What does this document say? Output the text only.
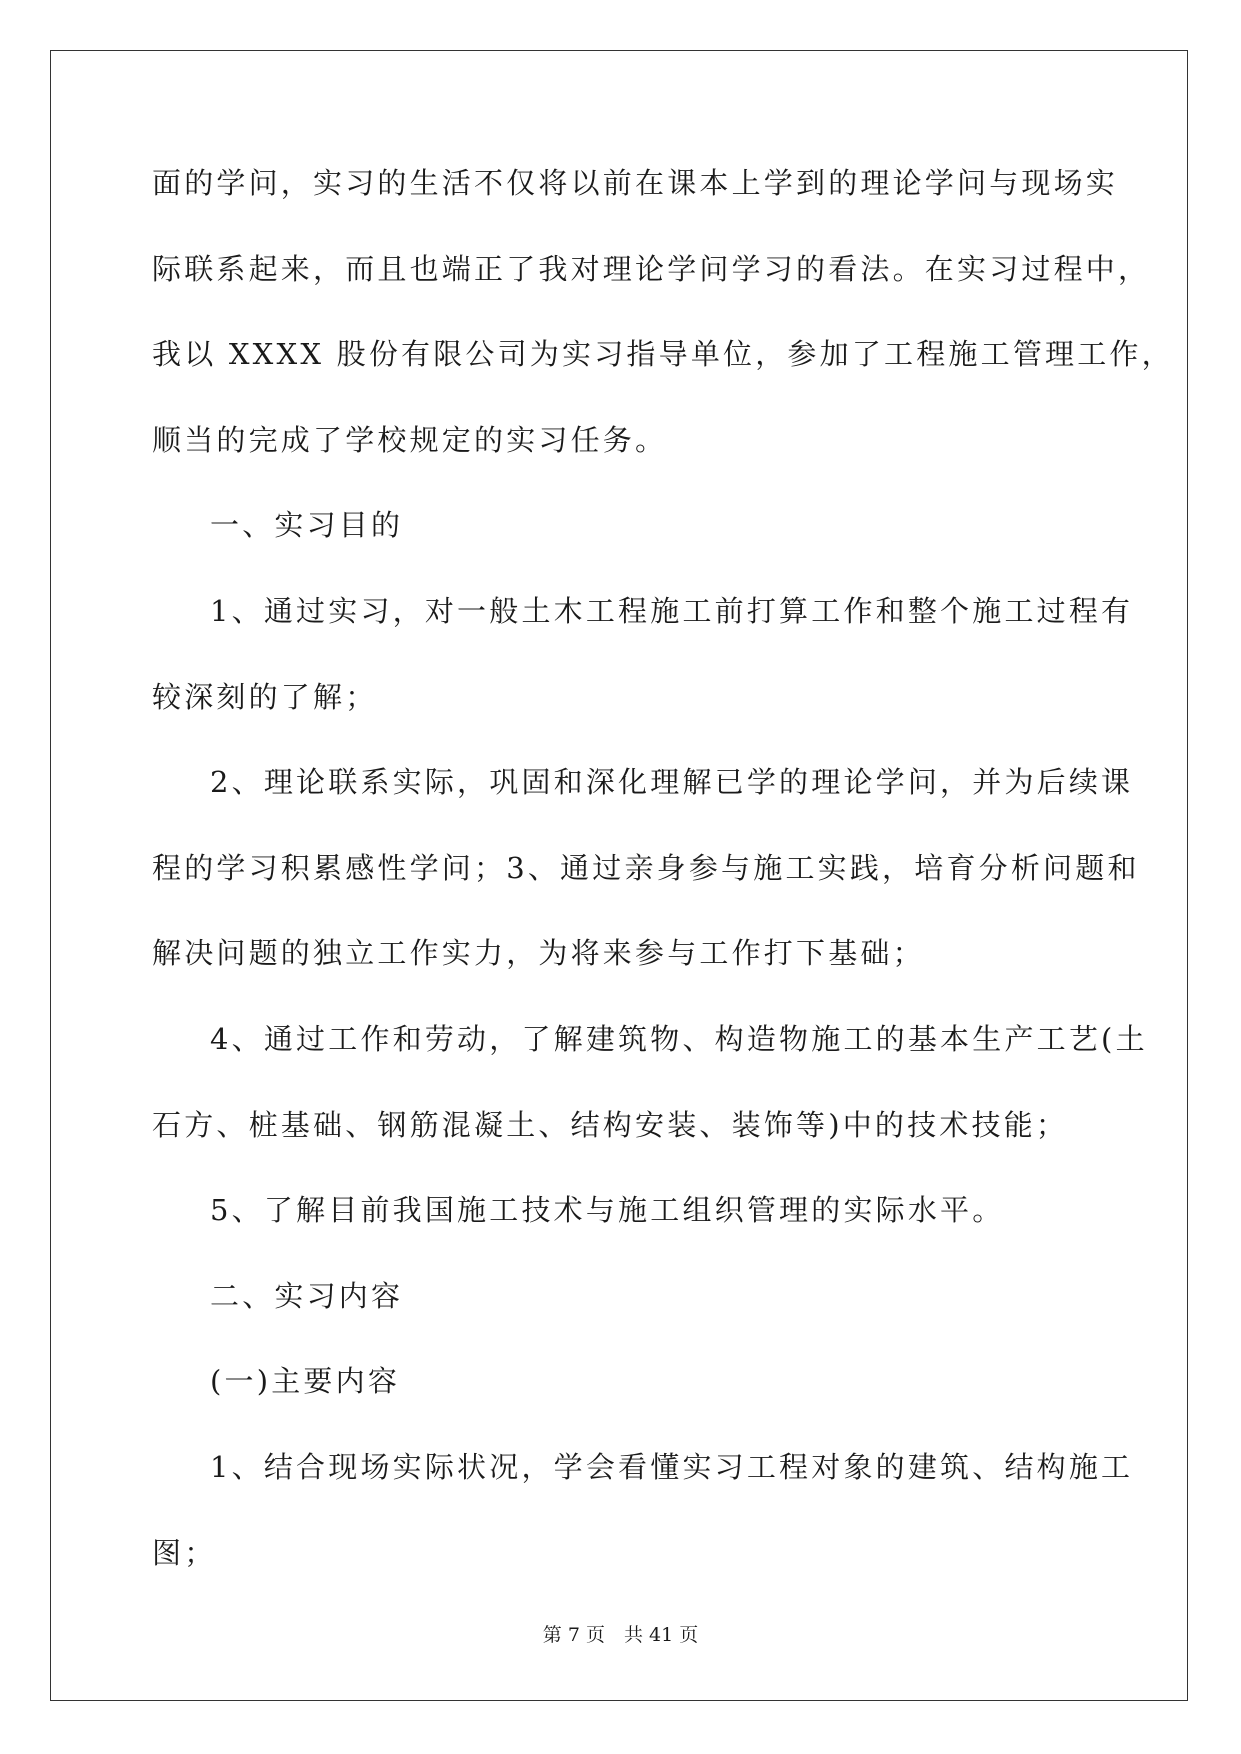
面的学问，实习的生活不仅将以前在课本上学到的理论学问与现场实
际联系起来，而且也端正了我对理论学问学习的看法。在实习过程中，
我以 XXXX 股份有限公司为实习指导单位，参加了工程施工管理工作，
顺当的完成了学校规定的实习任务。
一、实习目的
1、通过实习，对一般土木工程施工前打算工作和整个施工过程有
较深刻的了解；
2、理论联系实际，巩固和深化理解已学的理论学问，并为后续课
程的学习积累感性学问；3、通过亲身参与施工实践，培育分析问题和
解决问题的独立工作实力，为将来参与工作打下基础；
4、通过工作和劳动，了解建筑物、构造物施工的基本生产工艺(土
石方、桩基础、钢筋混凝土、结构安装、装饰等)中的技术技能；
5、了解目前我国施工技术与施工组织管理的实际水平。
二、实习内容
(一)主要内容
1、结合现场实际状况，学会看懂实习工程对象的建筑、结构施工
图；
第 7 页　共 41 页
